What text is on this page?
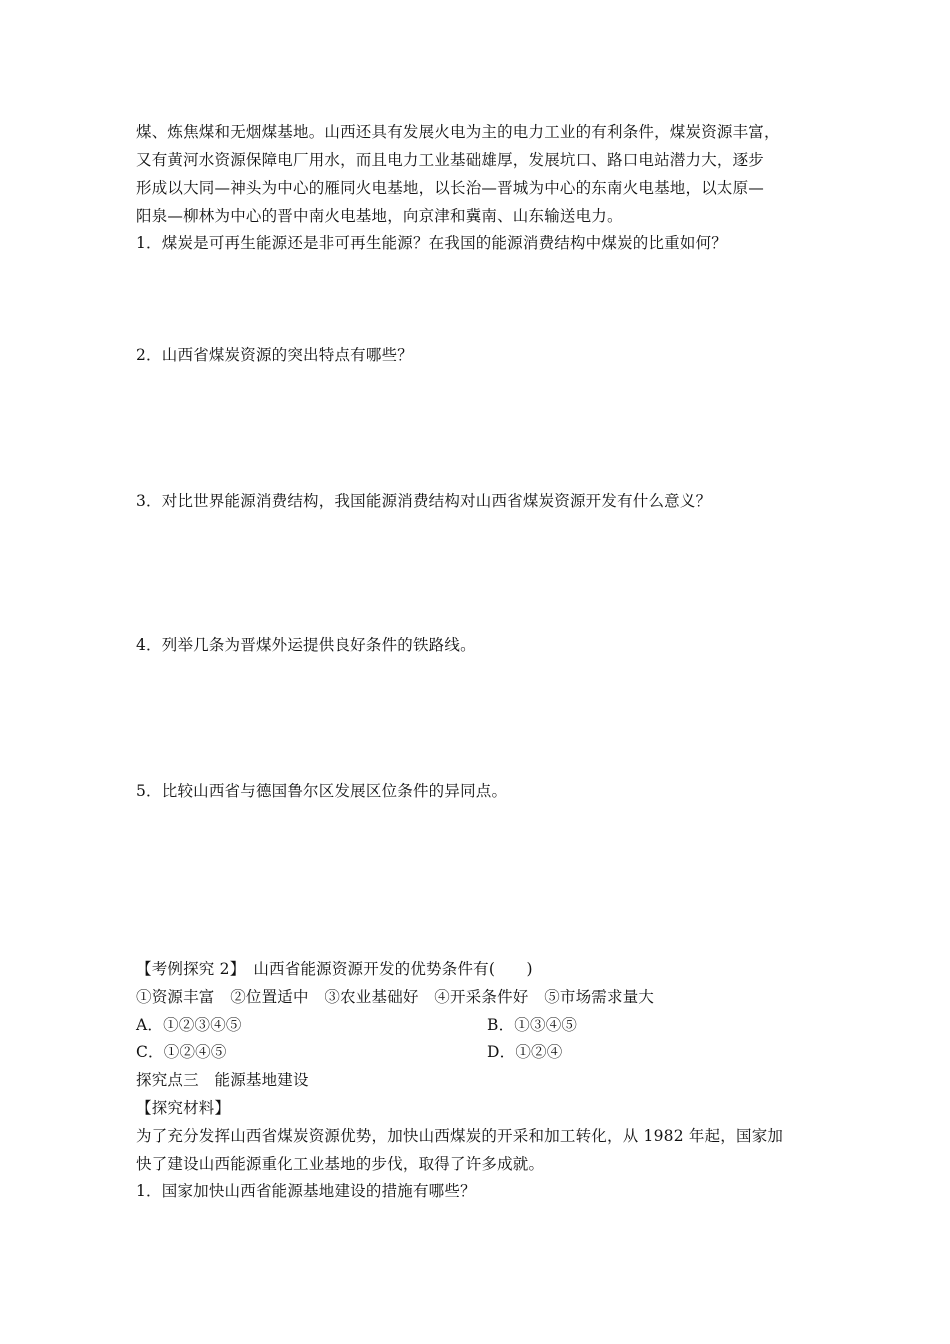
煤、炼焦煤和无烟煤基地。山西还具有发展火电为主的电力工业的有利条件，煤炭资源丰富，
又有黄河水资源保障电厂用水，而且电力工业基础雄厚，发展坑口、路口电站潜力大，逐步
形成以大同—神头为中心的雁同火电基地，以长治—晋城为中心的东南火电基地，以太原—
阳泉—柳林为中心的晋中南火电基地，向京津和冀南、山东输送电力。
1．煤炭是可再生能源还是非可再生能源？在我国的能源消费结构中煤炭的比重如何？
2．山西省煤炭资源的突出特点有哪些？
3．对比世界能源消费结构，我国能源消费结构对山西省煤炭资源开发有什么意义？
4．列举几条为晋煤外运提供良好条件的铁路线。
5．比较山西省与德国鲁尔区发展区位条件的异同点。
【考例探究 2】　山西省能源资源开发的优势条件有(　　)
①资源丰富　②位置适中　③农业基础好　④开采条件好　⑤市场需求量大
A．①②③④⑤	B．①③④⑤
C．①②④⑤	D．①②④
探究点三　能源基地建设
【探究材料】
为了充分发挥山西省煤炭资源优势，加快山西煤炭的开采和加工转化，从 1982 年起，国家加
快了建设山西能源重化工业基地的步伐，取得了许多成就。
1．国家加快山西省能源基地建设的措施有哪些？
